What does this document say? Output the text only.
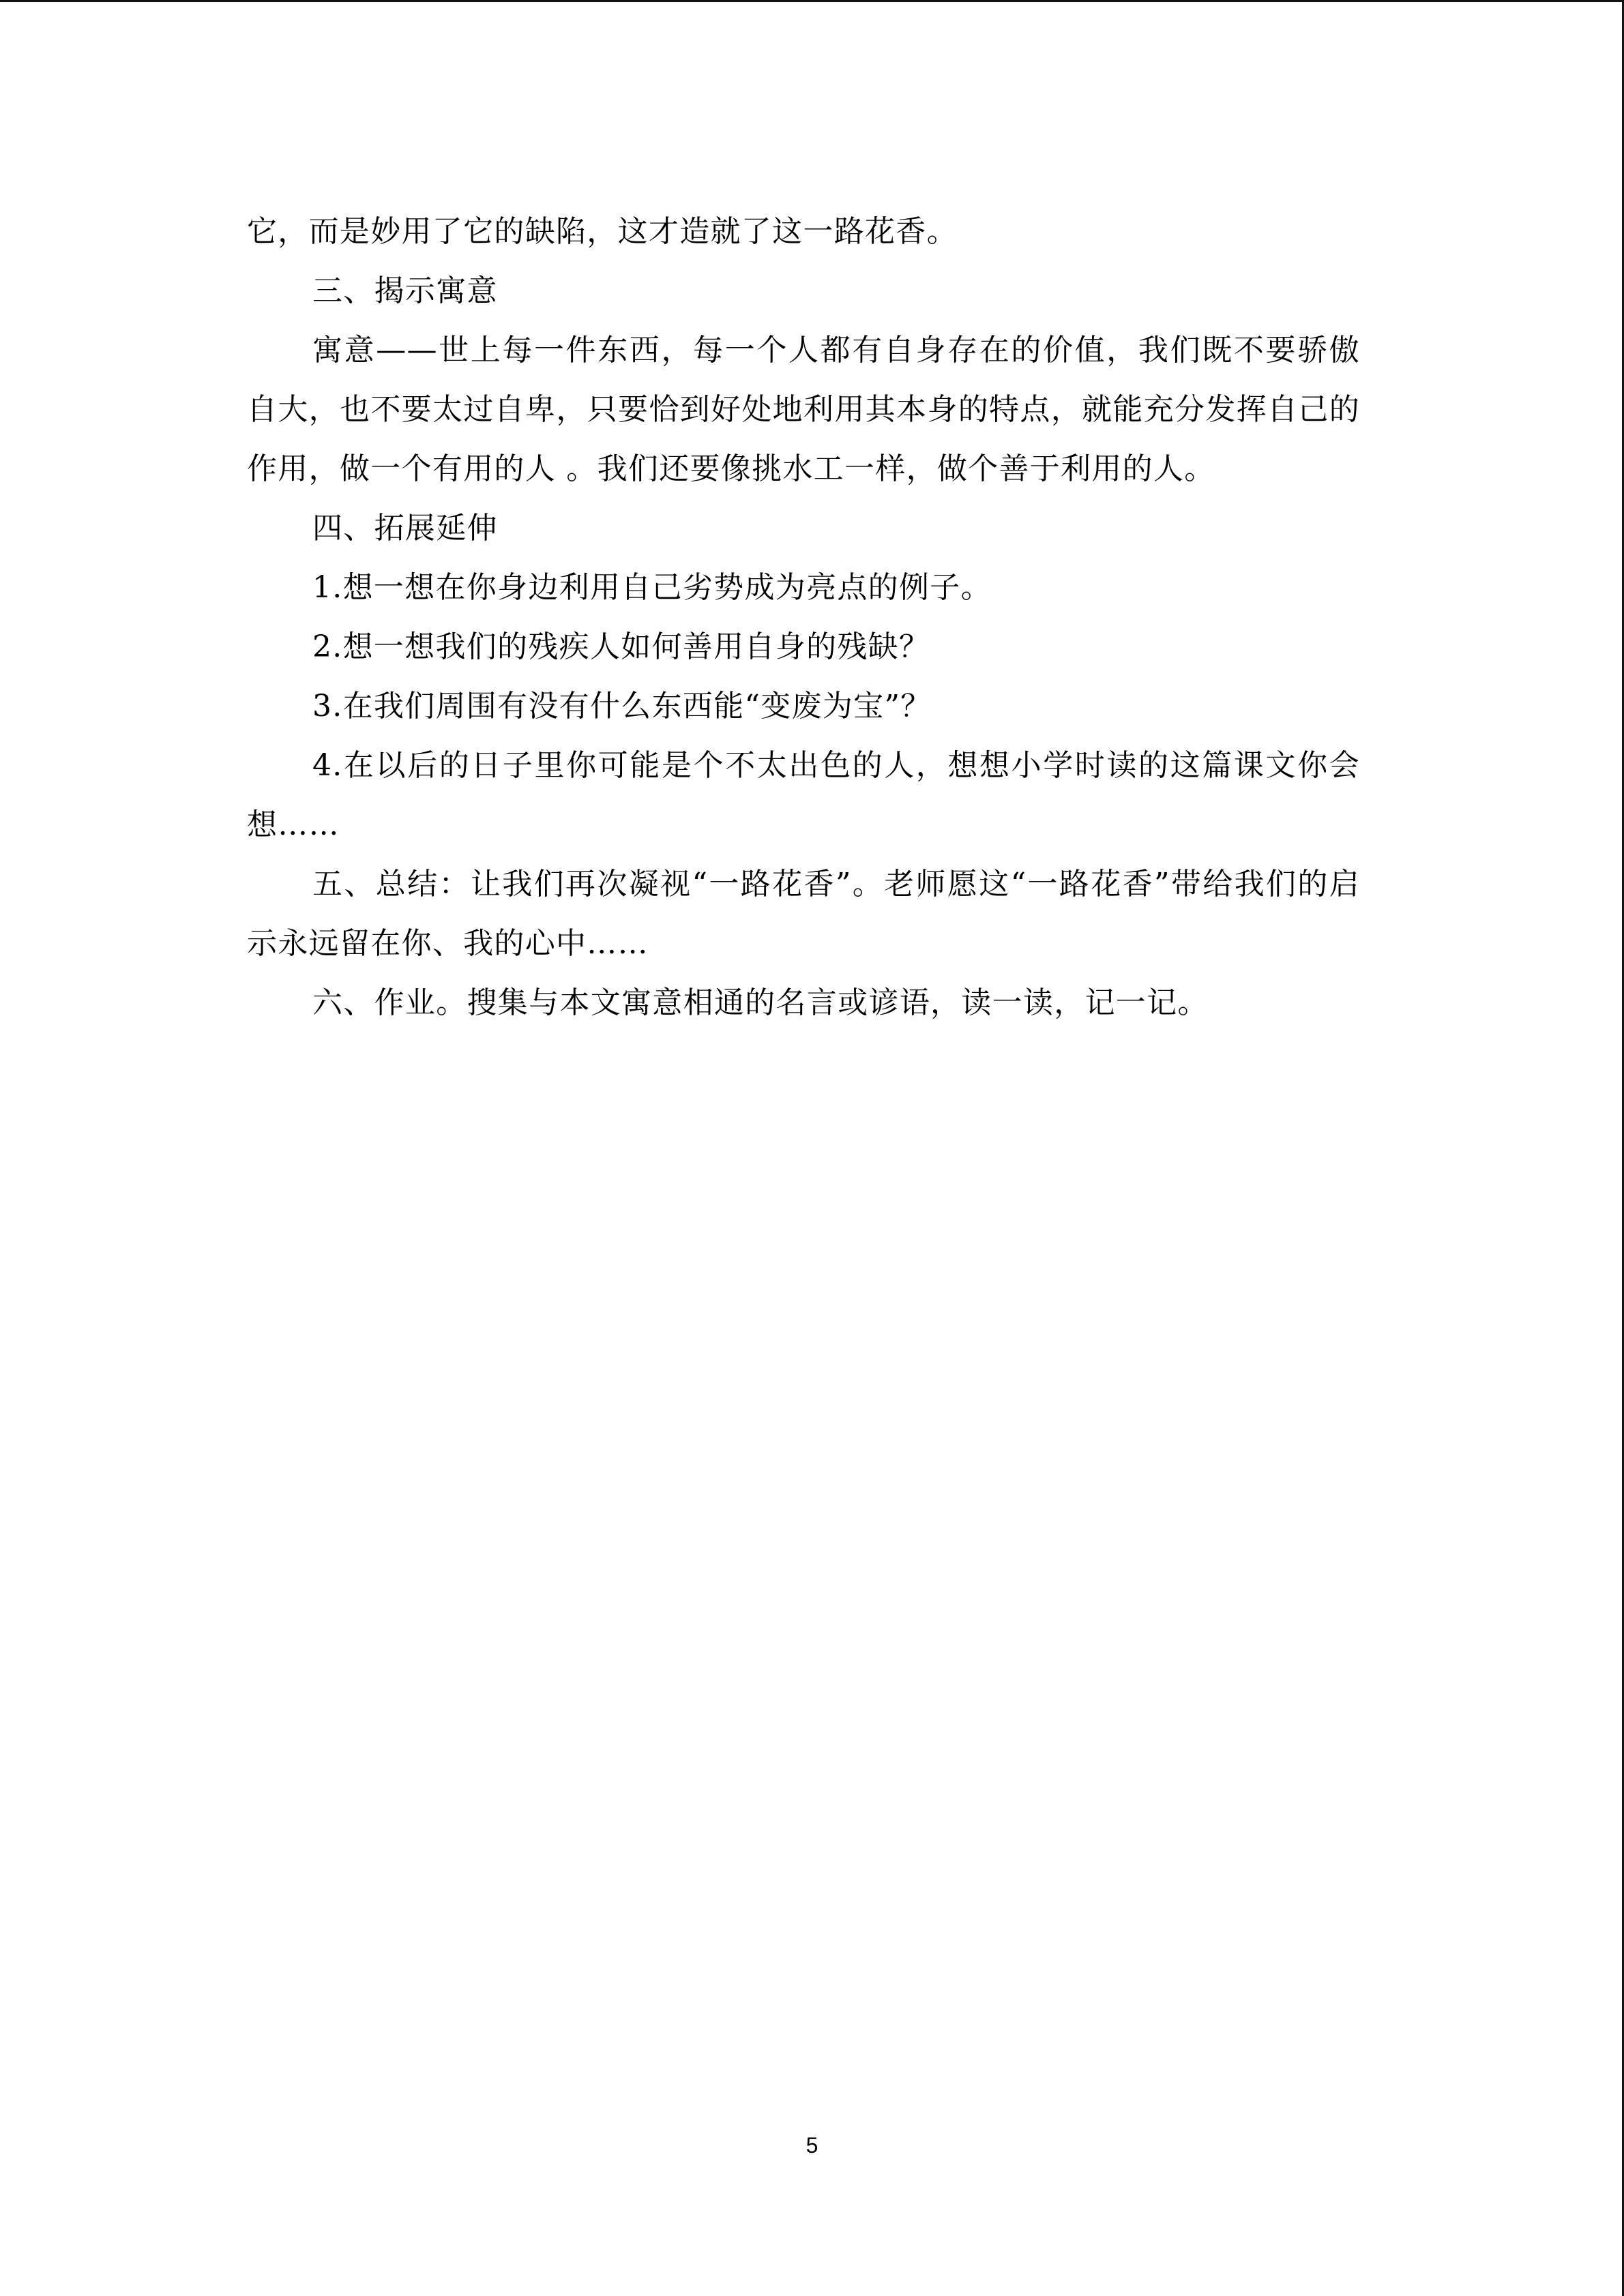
它，而是妙用了它的缺陷，这才造就了这一路花香。

三、揭示寓意

寓意——世上每一件东西，每一个人都有自身存在的价值，我们既不要骄傲自大，也不要太过自卑，只要恰到好处地利用其本身的特点，就能充分发挥自己的作用，做一个有用的人 。我们还要像挑水工一样，做个善于利用的人。

四、拓展延伸

1.想一想在你身边利用自己劣势成为亮点的例子。

2.想一想我们的残疾人如何善用自身的残缺？

3.在我们周围有没有什么东西能“变废为宝”？

4.在以后的日子里你可能是个不太出色的人，想想小学时读的这篇课文你会想……

五、总结：让我们再次凝视“一路花香”。老师愿这“一路花香”带给我们的启示永远留在你、我的心中……

六、作业。搜集与本文寓意相通的名言或谚语，读一读，记一记。

5
